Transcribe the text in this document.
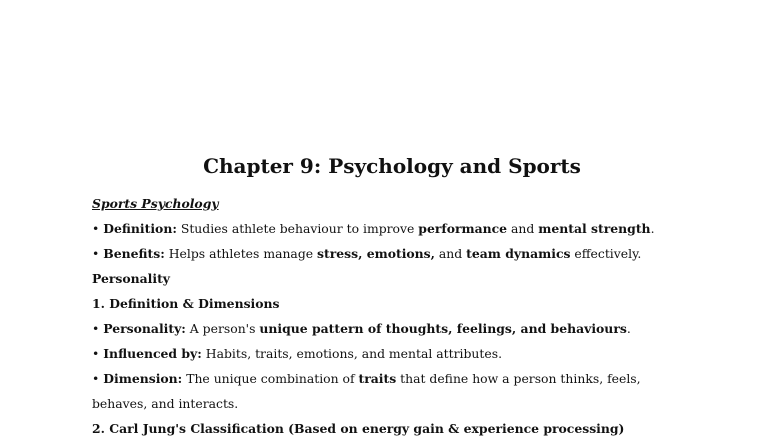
Chapter 9: Psychology and Sports
Sports Psychology
• Definition: Studies athlete behaviour to improve performance and mental strength.
• Benefits: Helps athletes manage stress, emotions, and team dynamics effectively.
Personality
1. Definition & Dimensions
• Personality: A person's unique pattern of thoughts, feelings, and behaviours.
• Influenced by: Habits, traits, emotions, and mental attributes.
• Dimension: The unique combination of traits that define how a person thinks, feels,
behaves, and interacts.
2. Carl Jung's Classification (Based on energy gain & experience processing)
